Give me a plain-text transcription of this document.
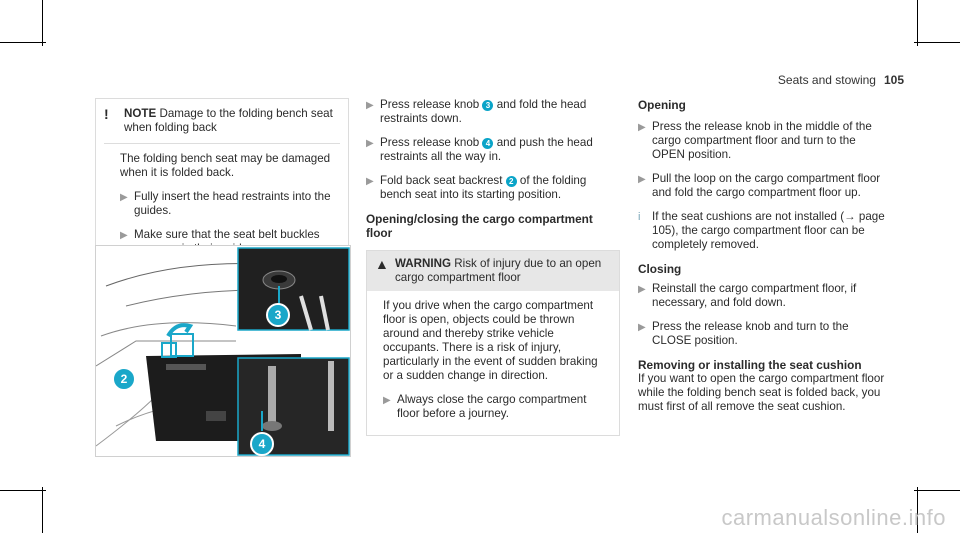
Seats and stowing 105
!	NOTE Damage to the folding bench seat when folding back

The folding bench seat may be damaged when it is folded back.

▶ Fully insert the head restraints into the guides.
▶ Make sure that the seat belt buckles
2
3
4
▶ Press release knob 3 and fold the head restraints down.
▶ Press release knob 4 and push the head restraints all the way in.
▶ Fold back seat backrest 2 of the folding bench seat into its starting position.
Opening/closing the cargo compartment floor
▲ WARNING Risk of injury due to an open cargo compartment floor

If you drive when the cargo compartment floor is open, objects could be thrown around and thereby strike vehicle occupants. There is a risk of injury, particularly in the event of sudden braking or a sudden change in direction.

▶ Always close the cargo compartment floor before a journey.
Opening
▶ Press the release knob in the middle of the cargo compartment floor and turn to the OPEN position.
▶ Pull the loop on the cargo compartment floor and fold the cargo compartment floor up.
i If the seat cushions are not installed (→ page 105), the cargo compartment floor can be completely removed.
Closing
▶ Reinstall the cargo compartment floor, if necessary, and fold down.
▶ Press the release knob and turn to the CLOSE position.
Removing or installing the seat cushion

If you want to open the cargo compartment floor while the folding bench seat is folded back, you must first of all remove the seat cushion.

carmanualsonline.info
